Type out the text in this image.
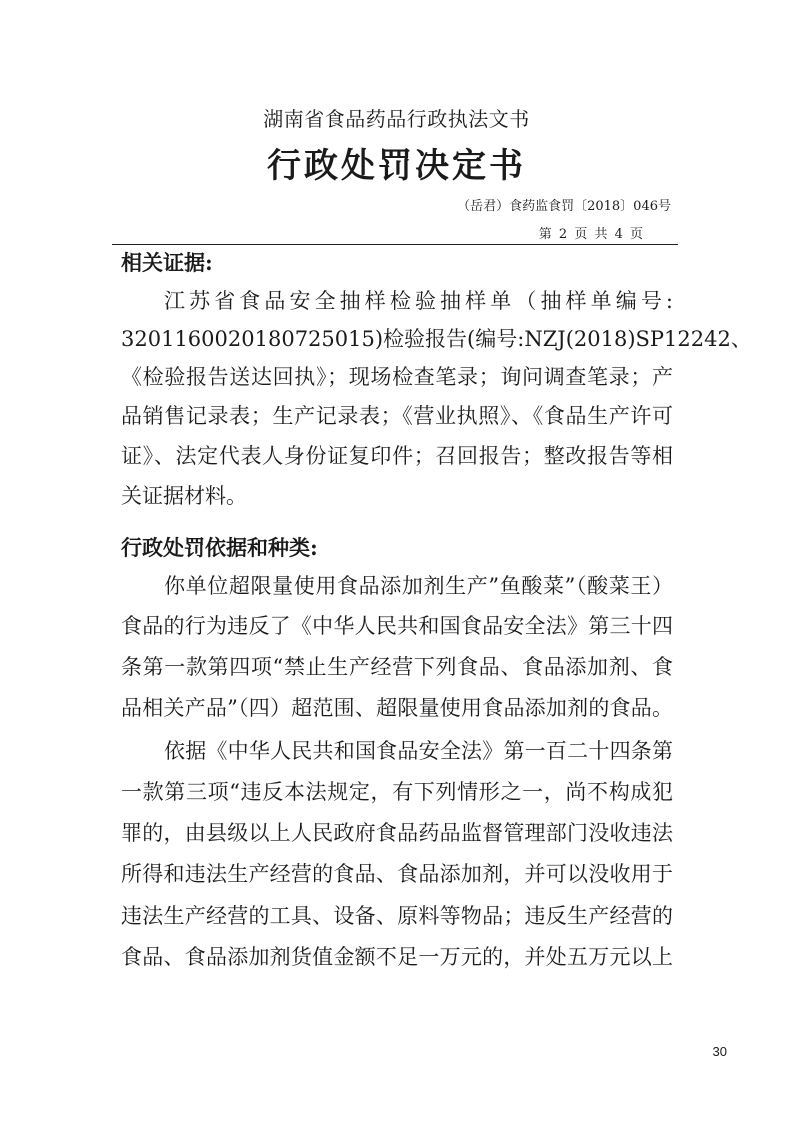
湖南省食品药品行政执法文书
行政处罚决定书
（岳君）食药监食罚〔2018〕046号
第 2 页 共 4 页
相关证据:
江苏省食品安全抽样检验抽样单（抽样单编号:
3201160020180725015)检验报告(编号:NZJ(2018)SP12242、
《检验报告送达回执》；现场检查笔录；询问调查笔录；产
品销售记录表；生产记录表；《营业执照》、《食品生产许可
证》、法定代表人身份证复印件；召回报告；整改报告等相
关证据材料。
行政处罚依据和种类:
你单位超限量使用食品添加剂生产”鱼酸菜”（酸菜王）
食品的行为违反了《中华人民共和国食品安全法》第三十四
条第一款第四项“禁止生产经营下列食品、食品添加剂、食
品相关产品”（四）超范围、超限量使用食品添加剂的食品。
依据《中华人民共和国食品安全法》第一百二十四条第
一款第三项“违反本法规定，有下列情形之一，尚不构成犯
罪的，由县级以上人民政府食品药品监督管理部门没收违法
所得和违法生产经营的食品、食品添加剂，并可以没收用于
违法生产经营的工具、设备、原料等物品；违反生产经营的
食品、食品添加剂货值金额不足一万元的，并处五万元以上
30
